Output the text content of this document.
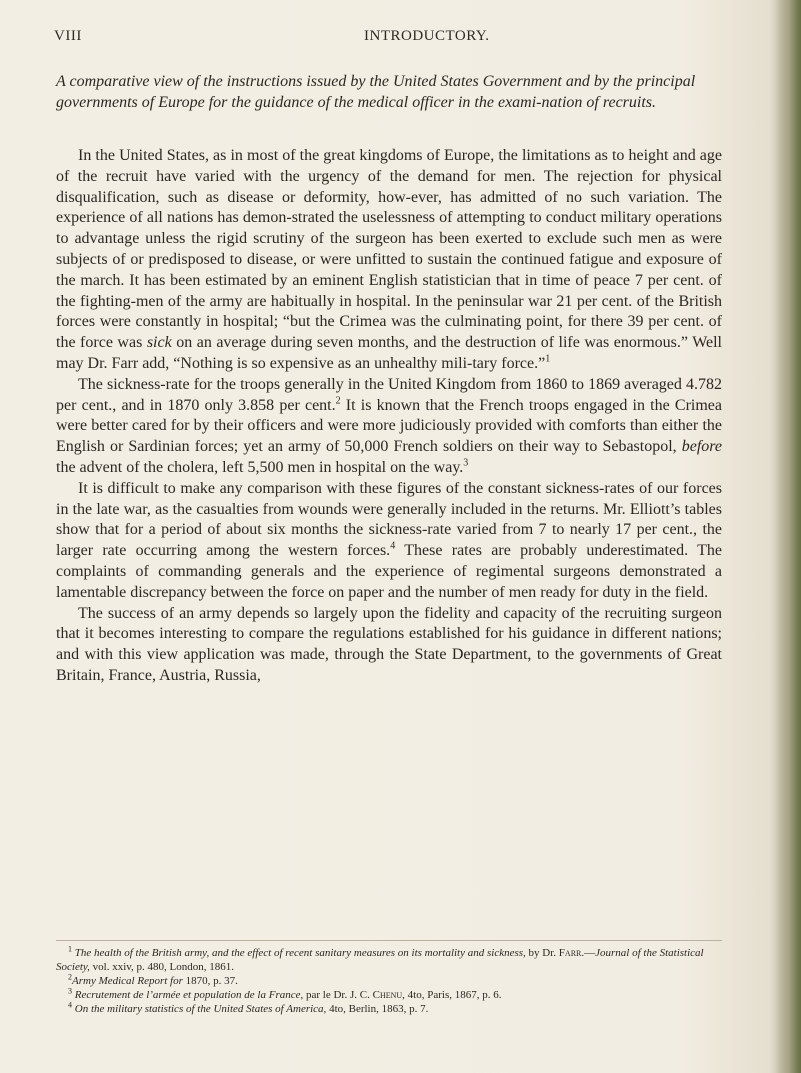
VIII	INTRODUCTORY.
A comparative view of the instructions issued by the United States Government and by the principal governments of Europe for the guidance of the medical officer in the exami-nation of recruits.

In the United States, as in most of the great kingdoms of Europe, the limitations as to height and age of the recruit have varied with the urgency of the demand for men. The rejection for physical disqualification, such as disease or deformity, how-ever, has admitted of no such variation. The experience of all nations has demon-strated the uselessness of attempting to conduct military operations to advantage unless the rigid scrutiny of the surgeon has been exerted to exclude such men as were subjects of or predisposed to disease, or were unfitted to sustain the continued fatigue and exposure of the march. It has been estimated by an eminent English statistician that in time of peace 7 per cent. of the fighting-men of the army are habitually in hospital. In the peninsular war 21 per cent. of the British forces were constantly in hospital; “but the Crimea was the culminating point, for there 39 per cent. of the force was sick on an average during seven months, and the destruction of life was enormous.” Well may Dr. Farr add, “Nothing is so expensive as an unhealthy mili-tary force.”$^1$

The sickness-rate for the troops generally in the United Kingdom from 1860 to 1869 averaged 4.782 per cent., and in 1870 only 3.858 per cent.$^2$ It is known that the French troops engaged in the Crimea were better cared for by their officers and were more judiciously provided with comforts than either the English or Sardinian forces; yet an army of 50,000 French soldiers on their way to Sebastopol, before the advent of the cholera, left 5,500 men in hospital on the way.$^3$

It is difficult to make any comparison with these figures of the constant sickness-rates of our forces in the late war, as the casualties from wounds were generally included in the returns. Mr. Elliott’s tables show that for a period of about six months the sickness-rate varied from 7 to nearly 17 per cent., the larger rate occurring among the western forces.$^4$ These rates are probably underestimated. The complaints of commanding generals and the experience of regimental surgeons demonstrated a lamentable discrepancy between the force on paper and the number of men ready for duty in the field.

The success of an army depends so largely upon the fidelity and capacity of the recruiting surgeon that it becomes interesting to compare the regulations established for his guidance in different nations; and with this view application was made, through the State Department, to the governments of Great Britain, France, Austria, Russia,

$^1$ The health of the British army, and the effect of recent sanitary measures on its mortality and sickness, by Dr. Farr.—Journal of the Statistical Society, vol. xxiv, p. 480, London, 1861.
$^2$Army Medical Report for 1870, p. 37.
$^3$ Recrutement de l’armée et population de la France, par le Dr. J. C. Chenu, 4to, Paris, 1867, p. 6.
$^4$ On the military statistics of the United States of America, 4to, Berlin, 1863, p. 7.
